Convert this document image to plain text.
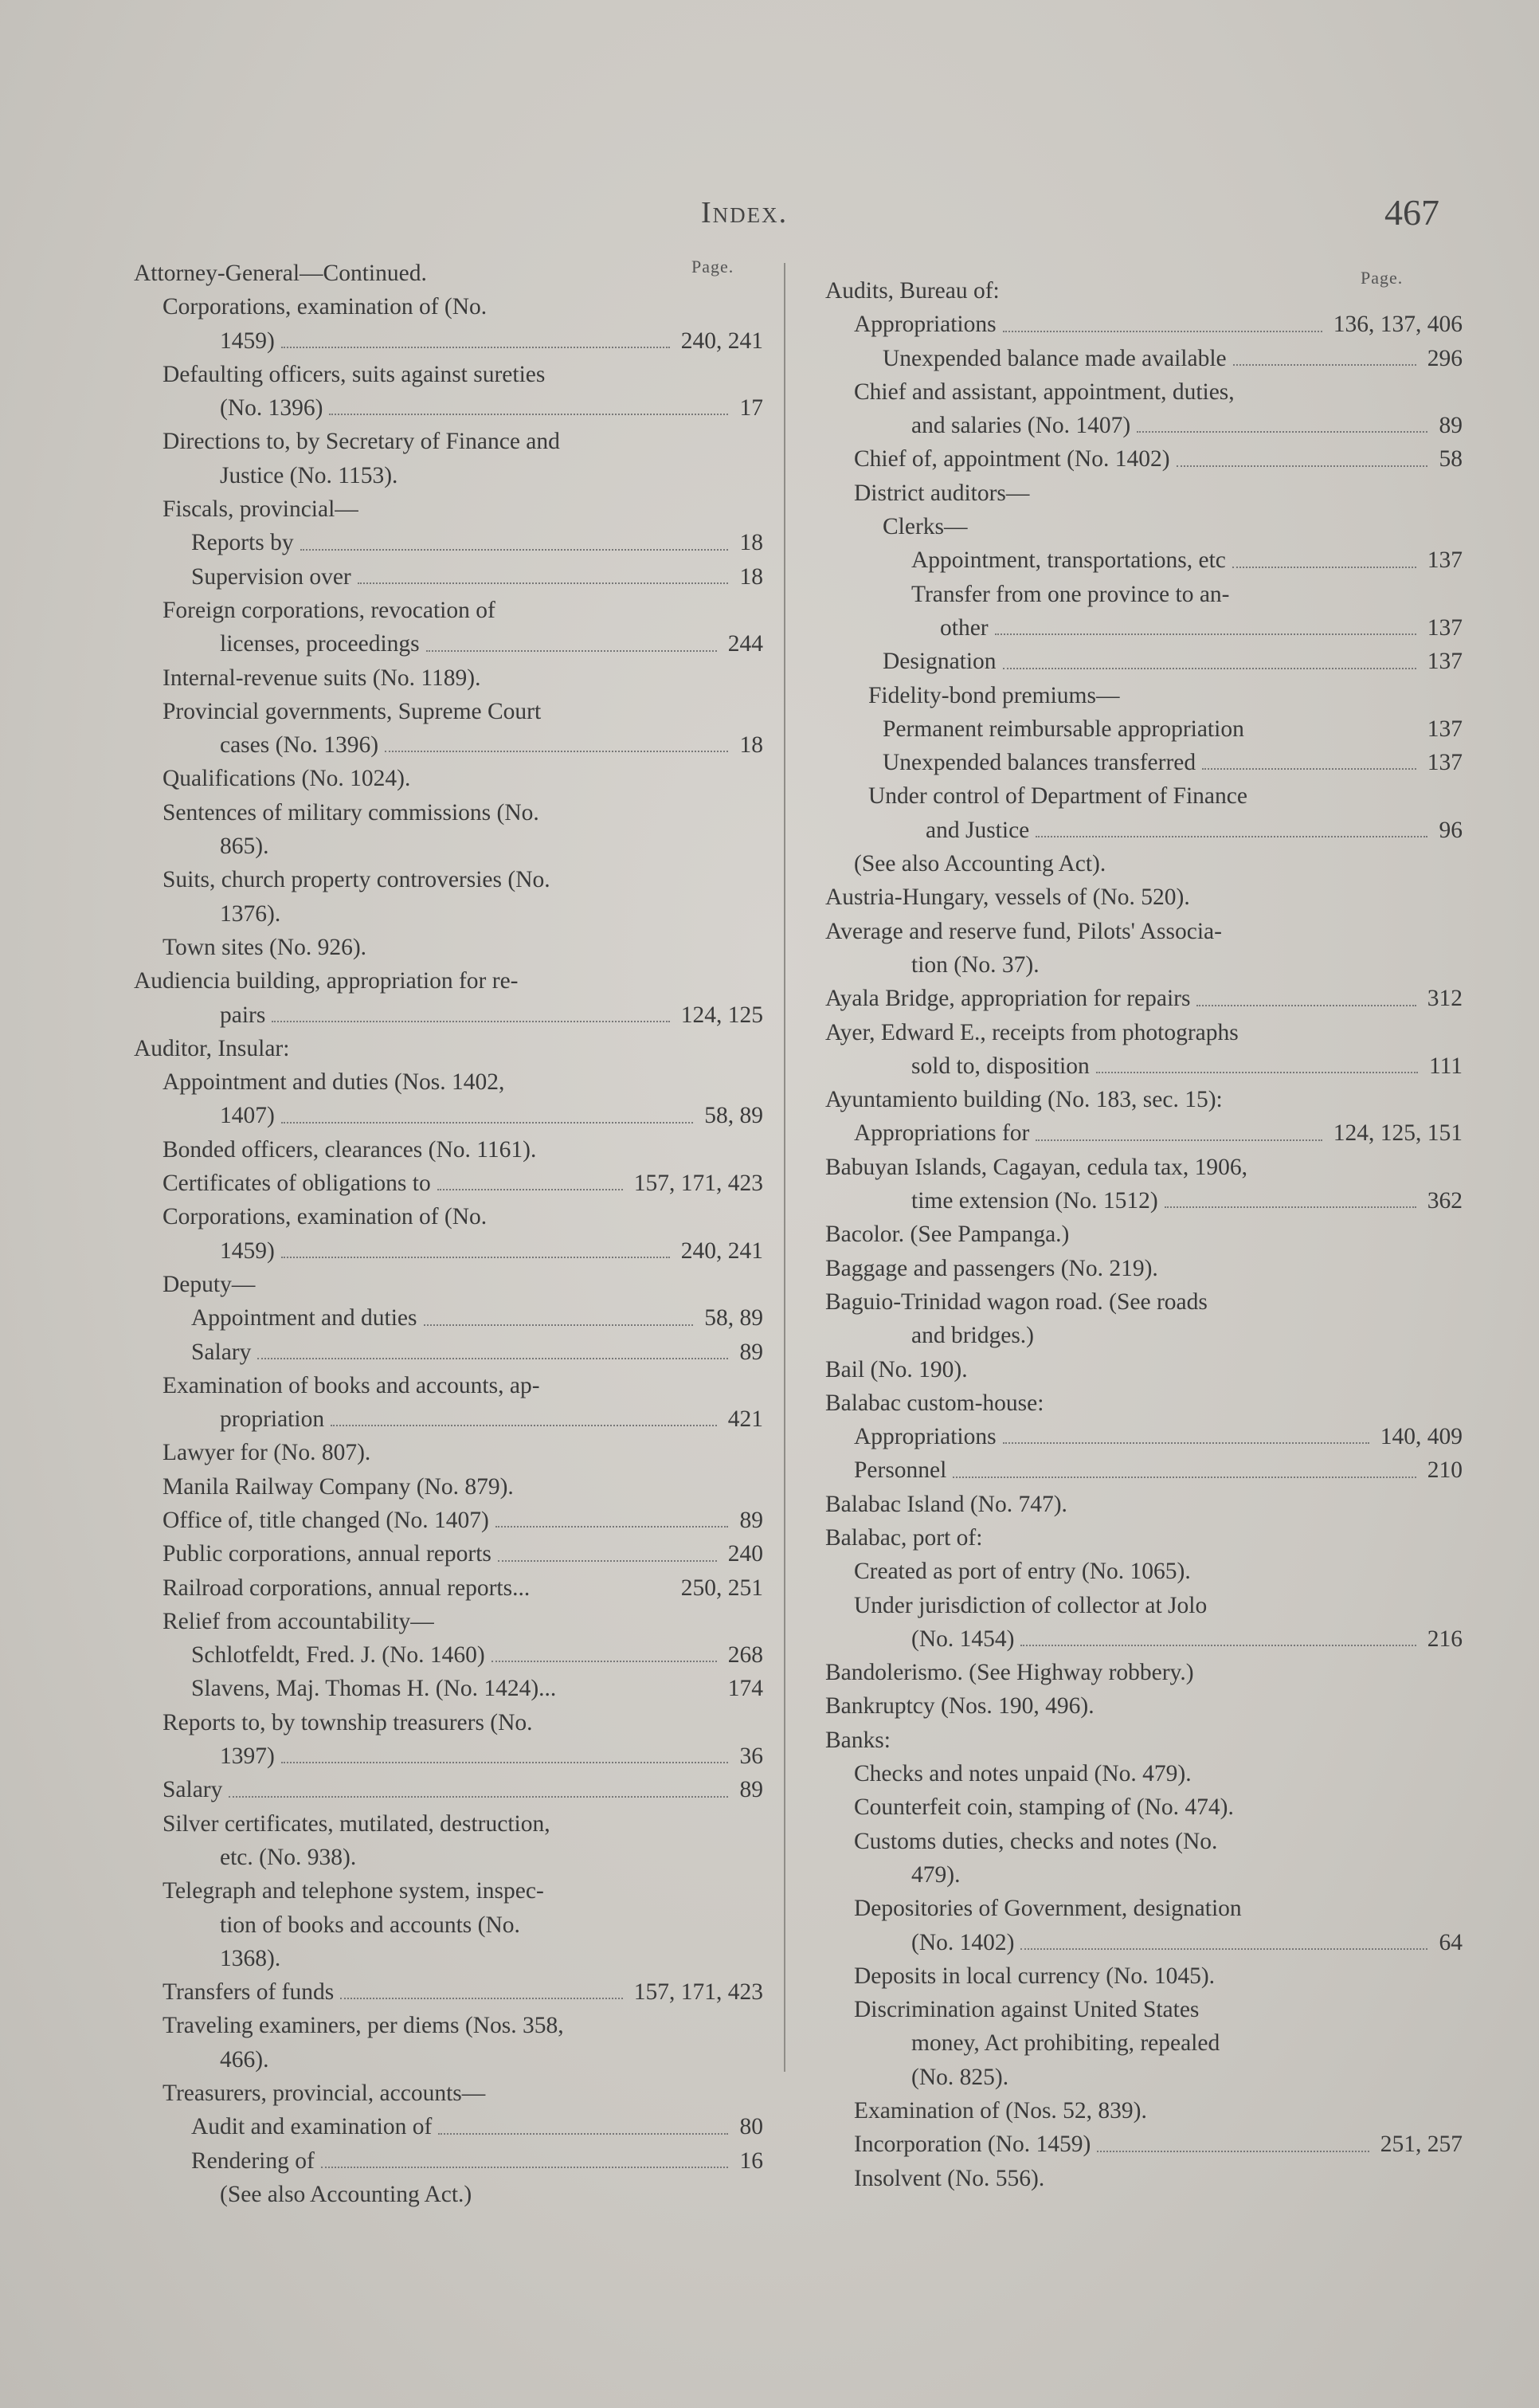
Index.	467
Page.
Page.
Attorney-General—Continued.
Corporations, examination of (No.
1459)	240, 241
Defaulting officers, suits against sureties
(No. 1396)	17
Directions to, by Secretary of Finance and
Justice (No. 1153).
Fiscals, provincial—
Reports by	18
Supervision over	18
Foreign corporations, revocation of
licenses, proceedings	244
Internal-revenue suits (No. 1189).
Provincial governments, Supreme Court
cases (No. 1396)	18
Qualifications (No. 1024).
Sentences of military commissions (No.
865).
Suits, church property controversies (No.
1376).
Town sites (No. 926).
Audiencia building, appropriation for re-
pairs	124, 125
Auditor, Insular:
Appointment and duties (Nos. 1402,
1407)	58, 89
Bonded officers, clearances (No. 1161).
Certificates of obligations to	157, 171, 423
Corporations, examination of (No.
1459)	240, 241
Deputy—
Appointment and duties	58, 89
Salary	89
Examination of books and accounts, ap-
propriation	421
Lawyer for (No. 807).
Manila Railway Company (No. 879).
Office of, title changed (No. 1407)	89
Public corporations, annual reports	240
Railroad corporations, annual reports...	250, 251
Relief from accountability—
Schlotfeldt, Fred. J. (No. 1460)	268
Slavens, Maj. Thomas H. (No. 1424)...	174
Reports to, by township treasurers (No.
1397)	36
Salary	89
Silver certificates, mutilated, destruction,
etc. (No. 938).
Telegraph and telephone system, inspec-
tion of books and accounts (No.
1368).
Transfers of funds	157, 171, 423
Traveling examiners, per diems (Nos. 358,
466).
Treasurers, provincial, accounts—
Audit and examination of	80
Rendering of	16
(See also Accounting Act.)
Audits, Bureau of:
Appropriations	136, 137, 406
Unexpended balance made available	296
Chief and assistant, appointment, duties,
and salaries (No. 1407)	89
Chief of, appointment (No. 1402)	58
District auditors—
Clerks—
Appointment, transportations, etc	137
Transfer from one province to an-
other	137
Designation	137
Fidelity-bond premiums—
Permanent reimbursable appropriation	137
Unexpended balances transferred	137
Under control of Department of Finance
and Justice	96
(See also Accounting Act).
Austria-Hungary, vessels of (No. 520).
Average and reserve fund, Pilots' Associa-
tion (No. 37).
Ayala Bridge, appropriation for repairs	312
Ayer, Edward E., receipts from photographs
sold to, disposition	111
Ayuntamiento building (No. 183, sec. 15):
Appropriations for	124, 125, 151
Babuyan Islands, Cagayan, cedula tax, 1906,
time extension (No. 1512)	362
Bacolor. (See Pampanga.)
Baggage and passengers (No. 219).
Baguio-Trinidad wagon road. (See roads
and bridges.)
Bail (No. 190).
Balabac custom-house:
Appropriations	140, 409
Personnel	210
Balabac Island (No. 747).
Balabac, port of:
Created as port of entry (No. 1065).
Under jurisdiction of collector at Jolo
(No. 1454)	216
Bandolerismo. (See Highway robbery.)
Bankruptcy (Nos. 190, 496).
Banks:
Checks and notes unpaid (No. 479).
Counterfeit coin, stamping of (No. 474).
Customs duties, checks and notes (No.
479).
Depositories of Government, designation
(No. 1402)	64
Deposits in local currency (No. 1045).
Discrimination against United States
money, Act prohibiting, repealed
(No. 825).
Examination of (Nos. 52, 839).
Incorporation (No. 1459)	251, 257
Insolvent (No. 556).
